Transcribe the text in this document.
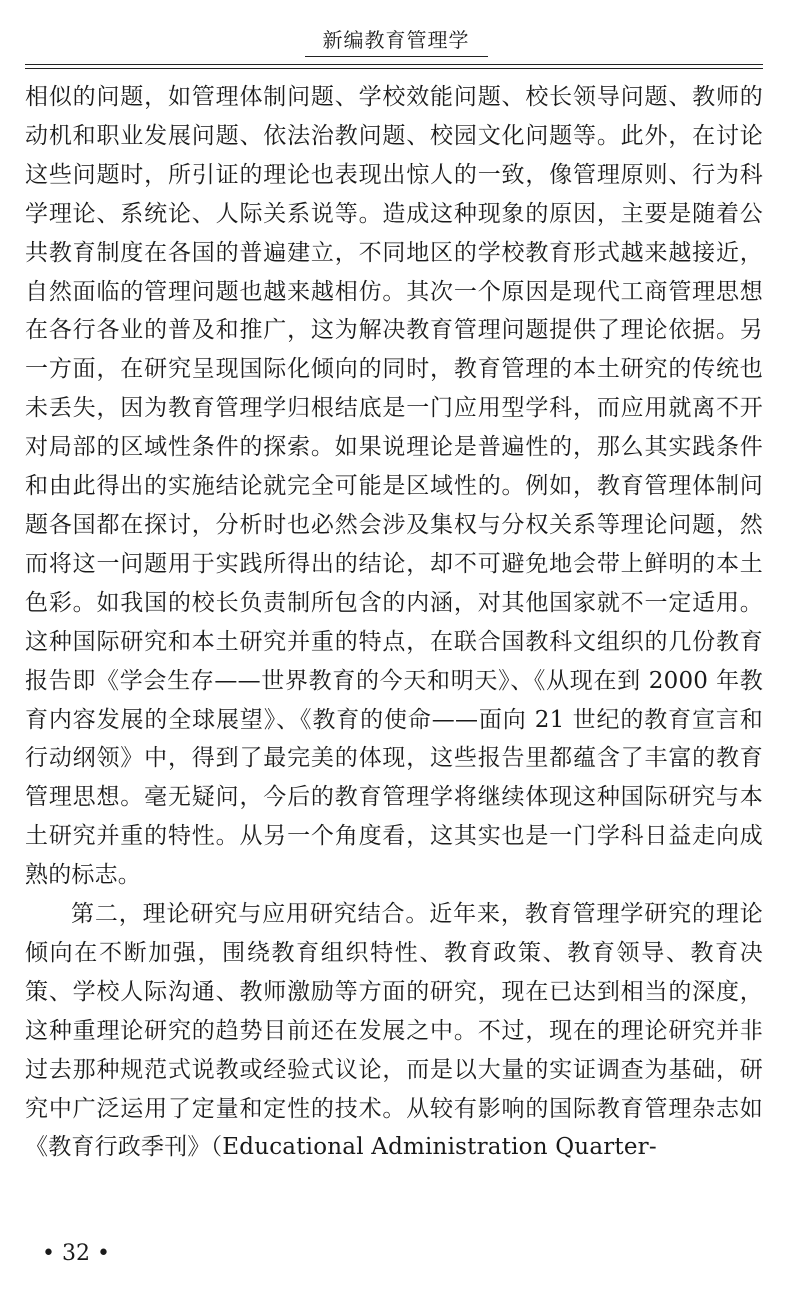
新编教育管理学

相似的问题，如管理体制问题、学校效能问题、校长领导问题、教师的动机和职业发展问题、依法治教问题、校园文化问题等。此外，在讨论这些问题时，所引证的理论也表现出惊人的一致，像管理原则、行为科学理论、系统论、人际关系说等。造成这种现象的原因，主要是随着公共教育制度在各国的普遍建立，不同地区的学校教育形式越来越接近，自然面临的管理问题也越来越相仿。其次一个原因是现代工商管理思想在各行各业的普及和推广，这为解决教育管理问题提供了理论依据。另一方面，在研究呈现国际化倾向的同时，教育管理的本土研究的传统也未丢失，因为教育管理学归根结底是一门应用型学科，而应用就离不开对局部的区域性条件的探索。如果说理论是普遍性的，那么其实践条件和由此得出的实施结论就完全可能是区域性的。例如，教育管理体制问题各国都在探讨，分析时也必然会涉及集权与分权关系等理论问题，然而将这一问题用于实践所得出的结论，却不可避免地会带上鲜明的本土色彩。如我国的校长负责制所包含的内涵，对其他国家就不一定适用。这种国际研究和本土研究并重的特点，在联合国教科文组织的几份教育报告即《学会生存——世界教育的今天和明天》、《从现在到 2000 年教育内容发展的全球展望》、《教育的使命——面向 21 世纪的教育宣言和行动纲领》中，得到了最完美的体现，这些报告里都蕴含了丰富的教育管理思想。毫无疑问，今后的教育管理学将继续体现这种国际研究与本土研究并重的特性。从另一个角度看，这其实也是一门学科日益走向成熟的标志。

第二，理论研究与应用研究结合。近年来，教育管理学研究的理论倾向在不断加强，围绕教育组织特性、教育政策、教育领导、教育决策、学校人际沟通、教师激励等方面的研究，现在已达到相当的深度，这种重理论研究的趋势目前还在发展之中。不过，现在的理论研究并非过去那种规范式说教或经验式议论，而是以大量的实证调查为基础，研究中广泛运用了定量和定性的技术。从较有影响的国际教育管理杂志如《教育行政季刊》（Educational Administration Quarter-

• 32 •
